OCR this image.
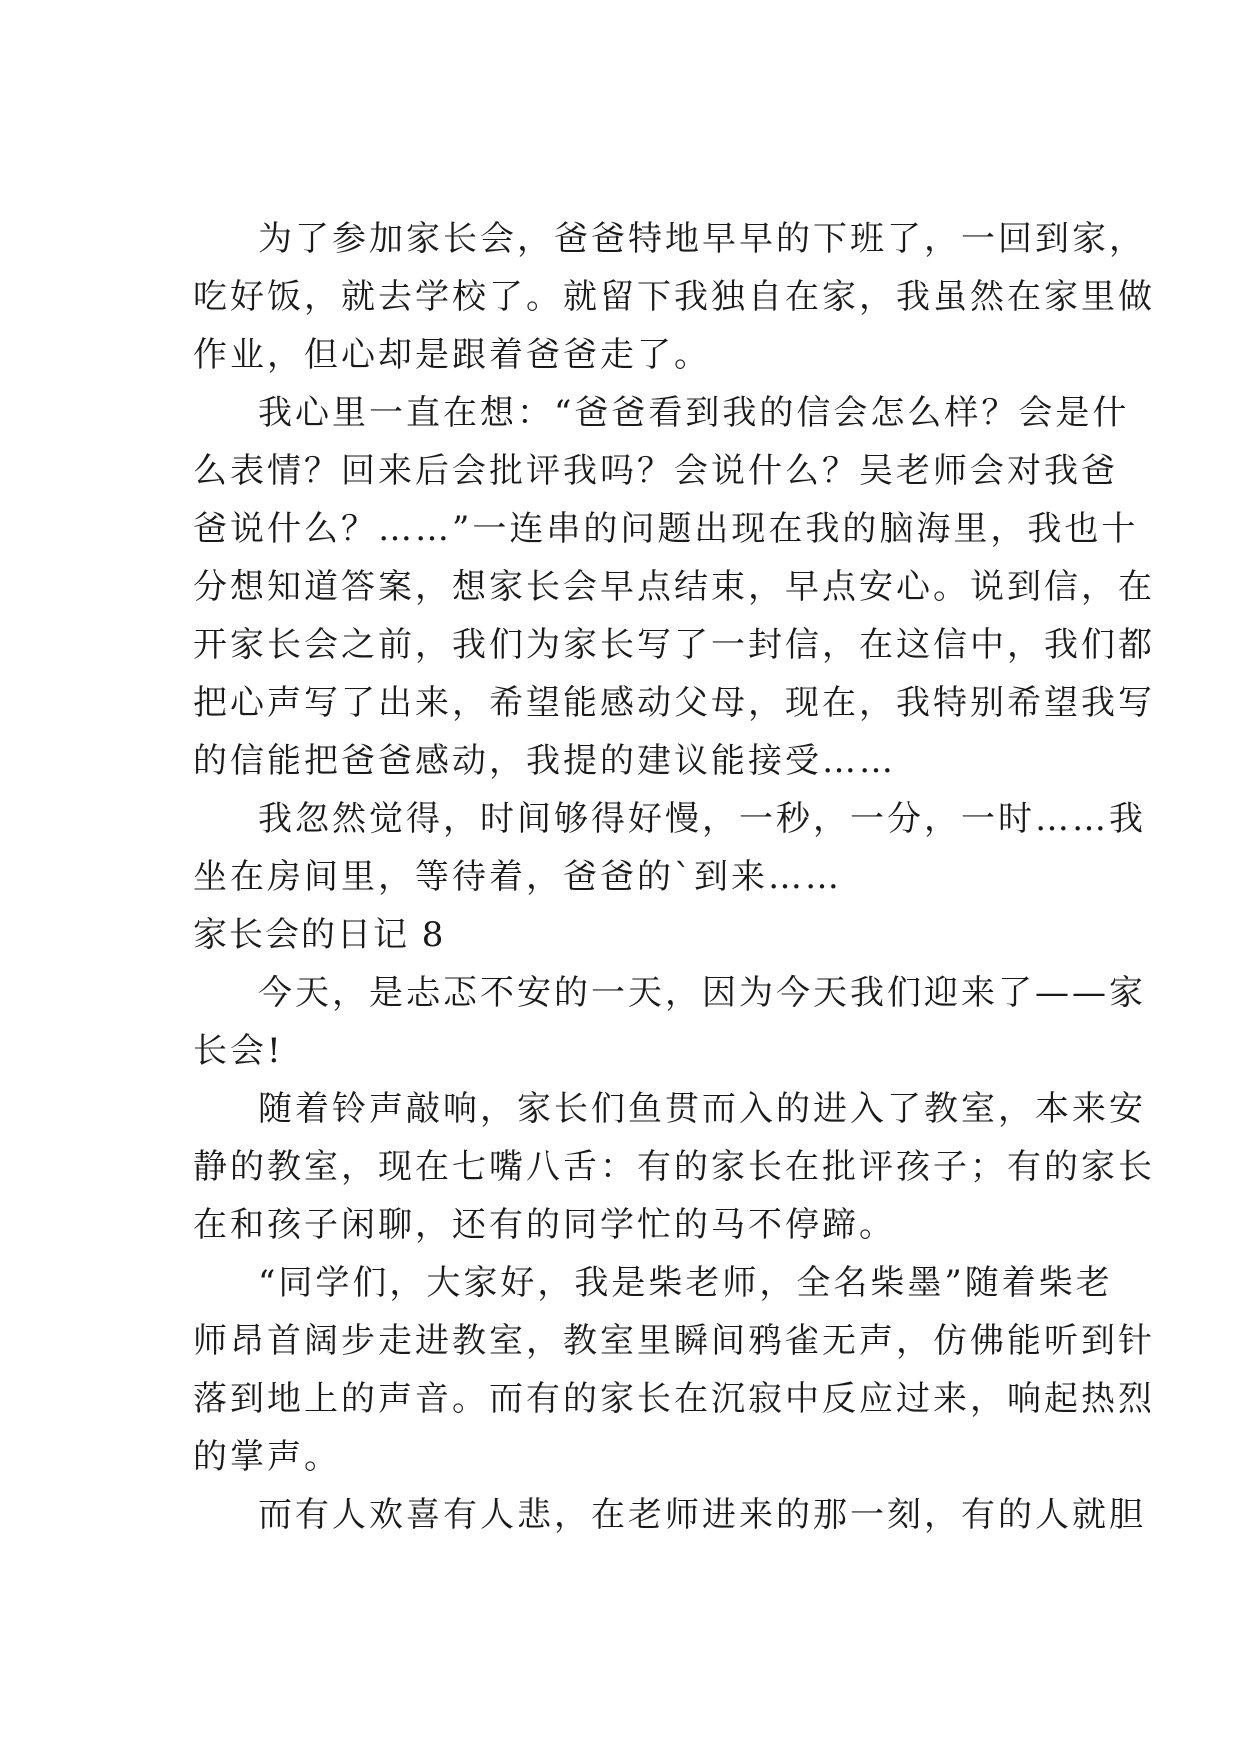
为了参加家长会，爸爸特地早早的下班了，一回到家，

吃好饭，就去学校了。就留下我独自在家，我虽然在家里做

作业，但心却是跟着爸爸走了。

我心里一直在想：“爸爸看到我的信会怎么样？会是什

么表情？回来后会批评我吗？会说什么？吴老师会对我爸

爸说什么？……”一连串的问题出现在我的脑海里，我也十

分想知道答案，想家长会早点结束，早点安心。说到信，在

开家长会之前，我们为家长写了一封信，在这信中，我们都

把心声写了出来，希望能感动父母，现在，我特别希望我写

的信能把爸爸感动，我提的建议能接受……

我忽然觉得，时间够得好慢，一秒，一分，一时……我

坐在房间里，等待着，爸爸的`到来……

家长会的日记 8

今天，是忐忑不安的一天，因为今天我们迎来了——家

长会!

随着铃声敲响，家长们鱼贯而入的进入了教室，本来安

静的教室，现在七嘴八舌：有的家长在批评孩子；有的家长

在和孩子闲聊，还有的同学忙的马不停蹄。

“同学们，大家好，我是柴老师，全名柴墨”随着柴老

师昂首阔步走进教室，教室里瞬间鸦雀无声，仿佛能听到针

落到地上的声音。而有的家长在沉寂中反应过来，响起热烈

的掌声。

而有人欢喜有人悲，在老师进来的那一刻，有的人就胆
